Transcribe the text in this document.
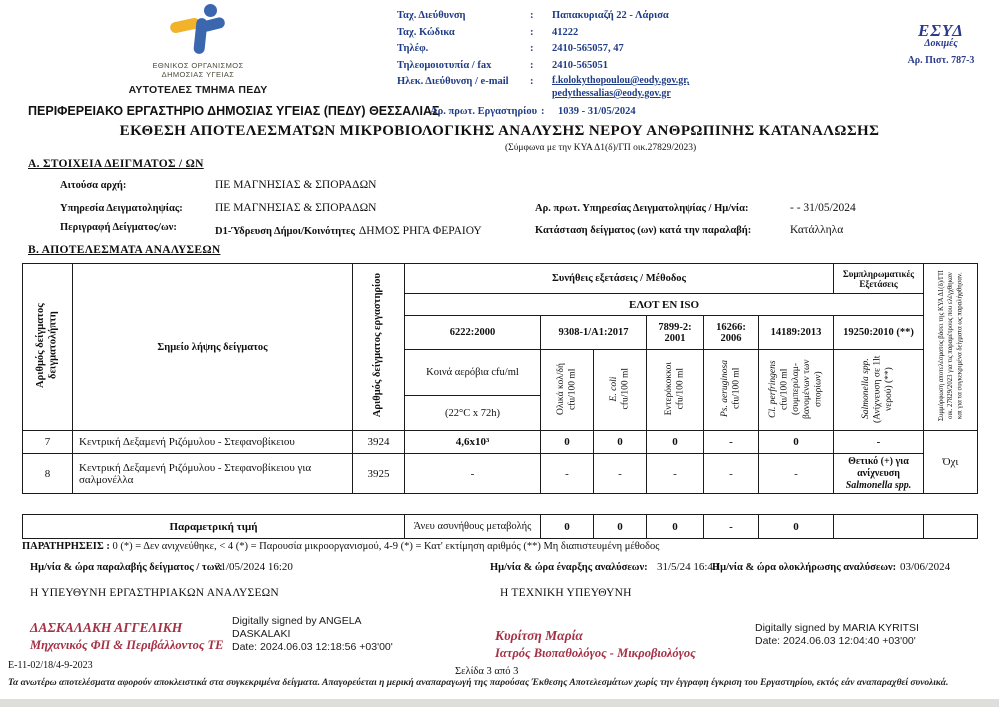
ΕΘΝΙΚΟΣ ΟΡΓΑΝΙΣΜΟΣ
ΔΗΜΟΣΙΑΣ ΥΓΕΙΑΣ
ΑΥΤΟΤΕΛΕΣ ΤΜΗΜΑ ΠΕΔΥ
Ταχ. Διεύθυνση	:	Παπακυριαζή 22 - Λάρισα
Ταχ. Κώδικα	:	41222
Τηλέφ.	:	2410-565057, 47
Τηλεομοιοτυπία / fax	:	2410-565051
Ηλεκ. Διεύθυνση / e-mail	:	f.kolokythopoulou@eody.gov.gr,
pedythessalias@eody.gov.gr
ΕΣΥΔ
Δοκιμές
Αρ. Πιστ. 787-3
ΠΕΡΙΦΕΡΕΙΑΚΟ ΕΡΓΑΣΤΗΡΙΟ ΔΗΜΟΣΙΑΣ ΥΓΕΙΑΣ (ΠΕΔΥ) ΘΕΣΣΑΛΙΑΣ
Αρ. πρωτ. Εργαστηρίου : 1039 - 31/05/2024
ΕΚΘΕΣΗ ΑΠΟΤΕΛΕΣΜΑΤΩΝ ΜΙΚΡΟΒΙΟΛΟΓΙΚΗΣ ΑΝΑΛΥΣΗΣ ΝΕΡΟΥ ΑΝΘΡΩΠΙΝΗΣ ΚΑΤΑΝΑΛΩΣΗΣ
(Σύμφωνα με την ΚΥΑ Δ1(δ)/ΓΠ οικ.27829/2023)
Α. ΣΤΟΙΧΕΙΑ ΔΕΙΓΜΑΤΟΣ / ΩΝ
Αιτούσα αρχή:	ΠΕ ΜΑΓΝΗΣΙΑΣ & ΣΠΟΡΑΔΩΝ
Υπηρεσία Δειγματοληψίας:	ΠΕ ΜΑΓΝΗΣΙΑΣ & ΣΠΟΡΑΔΩΝ
Περιγραφή Δείγματος/ων:	D1-Ύδρευση Δήμοι/Κοινότητες ΔΗΜΟΣ ΡΗΓΑ ΦΕΡΑΙΟΥ
Αρ. πρωτ. Υπηρεσίας Δειγματοληψίας / Ημ/νία:	- - 31/05/2024
Κατάσταση δείγματος (ων) κατά την παραλαβή:	Κατάλληλα
Β. ΑΠΟΤΕΛΕΣΜΑΤΑ ΑΝΑΛΥΣΕΩΝ
Αριθμός δείγματος δειγματολήπτη	Σημείο λήψης δείγματος	Αριθμός δείγματος εργαστηρίου	Συνήθεις εξετάσεις / Μέθοδος						Συμπληρωματικές Εξετάσεις	Συμμόρφωση αποτελέσματος βάσει της ΚΥΑ Δ1(δ)/ΓΠ οικ. 27829/2023 για τις παραμέτρους που ελέγχθηκαν και για τα συγκεκριμένα δείγματα ως παραλήφθησαν.
			ΕΛΟΤ ΕΝ ISO							
			6222:2000	9308-1/Α1:2017		7899-2: 2001	16266: 2006	14189:2013	19250:2010 (**)	
			Κοινά αερόβια cfu/ml	Ολικά κολ/δή cfu/100 ml	E. coli cfu/100 ml	Εντερόκοκκοι cfu/100 ml	Ps. aeruginosa cfu/100 ml	Cl. perfringens cfu/100 ml (συμπεριλαμ-βανομένων των σπορίων)	Salmonella spp. (Ανίχνευση σε 1lt νερού) (**)	

			(22°C x 72h)							
7	Κεντρική Δεξαμενή Ριζόμυλου - Στεφανοβίκειου	3924	4,6x10³	0	0	0	-	0	-	Όχι
8	Κεντρική Δεξαμενή Ριζόμυλου - Στεφανοβίκειου για σαλμονέλλα	3925	-	-	-	-	-	-	Θετικό (+) για
ανίχνευση
Salmonella spp.	
Παραμετρική τιμή	Άνευ ασυνήθους μεταβολής	0	0	0	-	0		
ΠΑΡΑΤΗΡΗΣΕΙΣ : 0 (*) = Δεν ανιχνεύθηκε, < 4 (*) = Παρουσία μικροοργανισμού, 4-9 (*) = Κατ' εκτίμηση αριθμός (**) Μη διαπιστευμένη μέθοδος
Ημ/νία & ώρα παραλαβής δείγματος / των:
31/05/2024 16:20	Ημ/νία & ώρα έναρξης αναλύσεων: 31/5/24 16:40
Ημ/νία & ώρα ολοκλήρωσης αναλύσεων: 03/06/2024
Η ΥΠΕΥΘΥΝΗ ΕΡΓΑΣΤΗΡΙΑΚΩΝ ΑΝΑΛΥΣΕΩΝ	Η ΤΕΧΝΙΚΗ ΥΠΕΥΘΥΝΗ
ΔΑΣΚΑΛΑΚΗ ΑΓΓΕΛΙΚΗ
Μηχανικός ΦΠ & Περιβάλλοντος ΤΕ
Digitally signed by ANGELA
DASKALAKI
Date: 2024.06.03 12:18:56 +03'00'
Κυρίτση Μαρία
Ιατρός Βιοπαθολόγος - Μικροβιολόγος
Digitally signed by MARIA KYRITSI
Date: 2024.06.03 12:04:40 +03'00'
E-11-02/18/4-9-2023
Σελίδα 3 από 3
Τα ανωτέρω αποτελέσματα αφορούν αποκλειστικά στα συγκεκριμένα δείγματα. Απαγορεύεται η μερική αναπαραγωγή της παρούσας Έκθεσης Αποτελεσμάτων χωρίς την έγγραφη έγκριση του Εργαστηρίου, εκτός εάν αναπαραχθεί συνολικά.
